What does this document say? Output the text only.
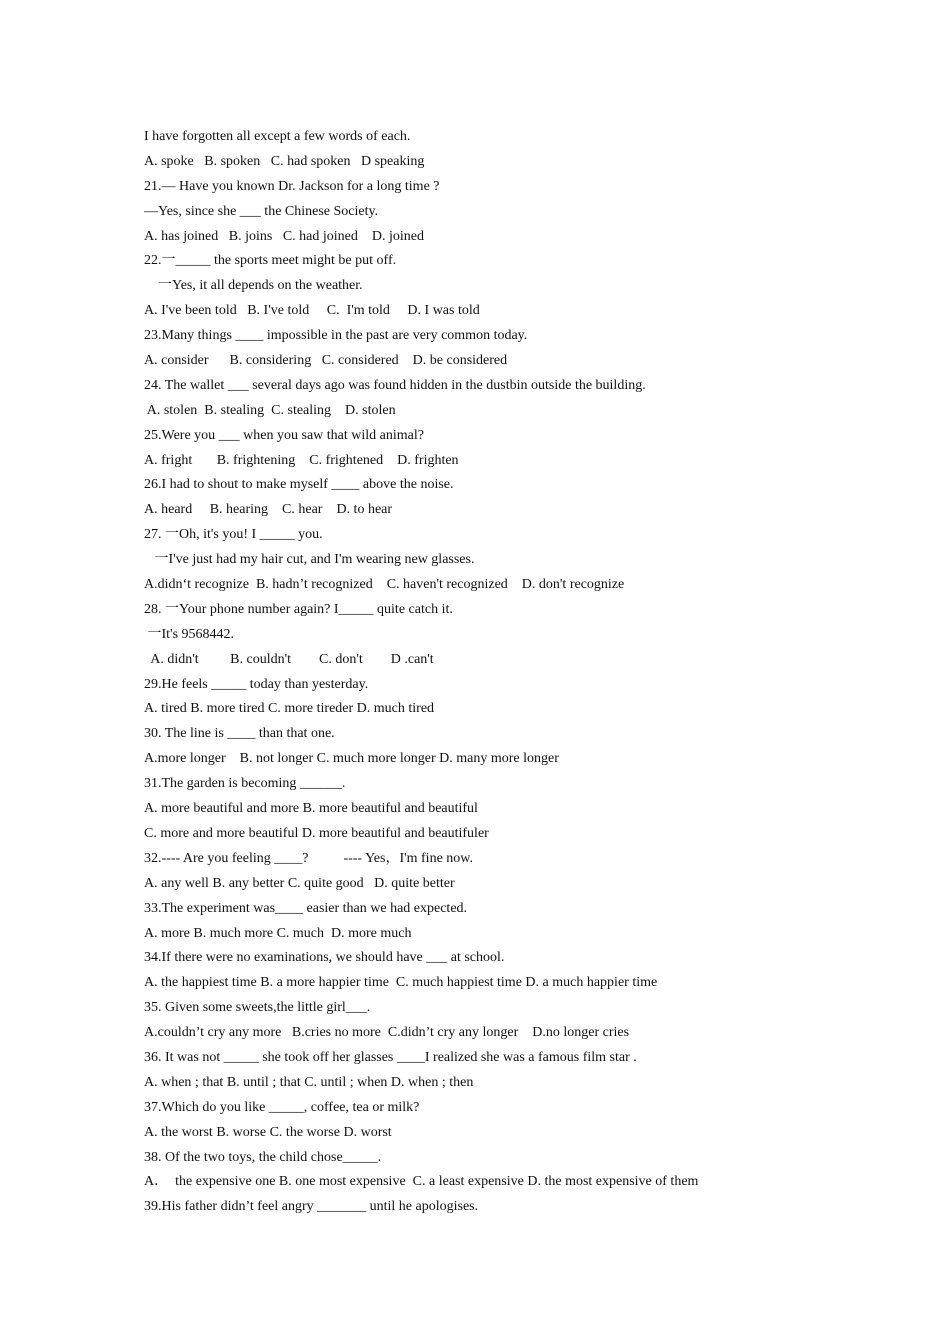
I have forgotten all except a few words of each.
A. spoke   B. spoken   C. had spoken   D speaking
21.— Have you known Dr. Jackson for a long time ?
—Yes, since she ___ the Chinese Society.
A. has joined   B. joins   C. had joined    D. joined
22.一_____ the sports meet might be put off.
一Yes, it all depends on the weather.
A. I've been told   B. I've told     C.  I'm told     D. I was told
23.Many things ____ impossible in the past are very common today.
A. consider      B. considering   C. considered    D. be considered
24. The wallet ___ several days ago was found hidden in the dustbin outside the building.
A. stolen  B. stealing  C. stealing    D. stolen
25.Were you ___ when you saw that wild animal?
A. fright       B. frightening    C. frightened    D. frighten
26.I had to shout to make myself ____ above the noise.
A. heard     B. hearing    C. hear    D. to hear
27. 一Oh, it's you! I _____ you.
一I've just had my hair cut, and I'm wearing new glasses.
A.didn‘t recognize  B. hadn’t recognized    C. haven't recognized    D. don't recognize
28. 一Your phone number again? I_____ quite catch it.
一It's 9568442.
A. didn't         B. couldn't        C. don't        D .can't
29.He feels _____ today than yesterday.
A. tired B. more tired C. more tireder D. much tired
30. The line is ____ than that one.
A.more longer    B. not longer C. much more longer D. many more longer
31.The garden is becoming ______.
A. more beautiful and more B. more beautiful and beautiful
C. more and more beautiful D. more beautiful and beautifuler
32.---- Are you feeling ____?          ---- Yes，I'm fine now.
A. any well B. any better C. quite good   D. quite better
33.The experiment was____ easier than we had expected.
A. more B. much more C. much  D. more much
34.If there were no examinations, we should have ___ at school.
A. the happiest time B. a more happier time  C. much happiest time D. a much happier time
35. Given some sweets,the little girl___.
A.couldn’t cry any more   B.cries no more  C.didn’t cry any longer    D.no longer cries
36. It was not _____ she took off her glasses ____I realized she was a famous film star .
A. when ; that B. until ; that C. until ; when D. when ; then
37.Which do you like _____, coffee, tea or milk?
A. the worst B. worse C. the worse D. worst
38. Of the two toys, the child chose_____.
A．  the expensive one B. one most expensive  C. a least expensive D. the most expensive of them
39.His father didn’t feel angry _______ until he apologises.
